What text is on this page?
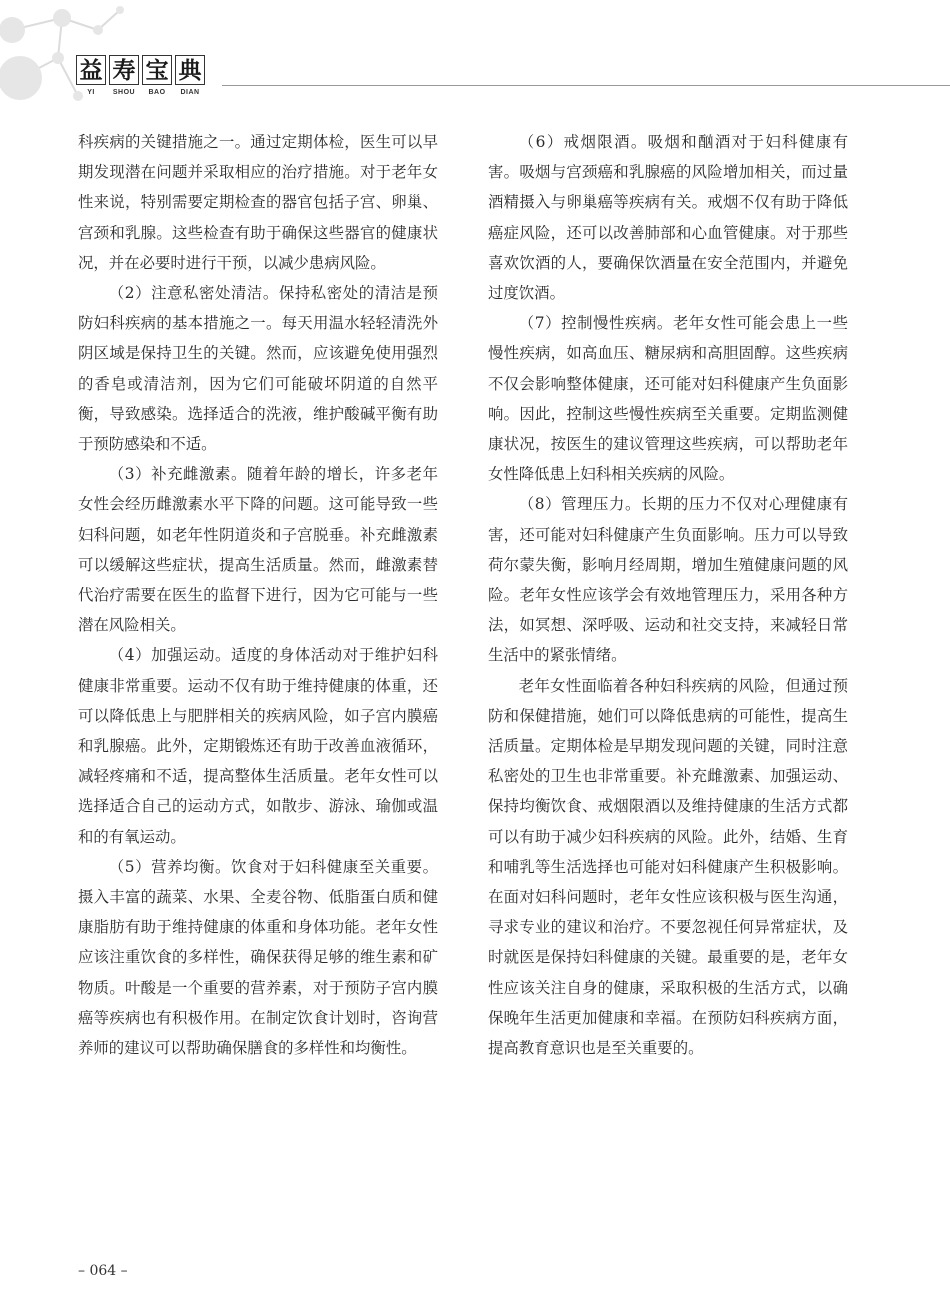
益 寿 宝 典
YI	SHOU	BAO	DIAN

科疾病的关键措施之一。通过定期体检，医生可以早期发现潜在问题并采取相应的治疗措施。对于老年女性来说，特别需要定期检查的器官包括子宫、卵巢、宫颈和乳腺。这些检查有助于确保这些器官的健康状况，并在必要时进行干预，以减少患病风险。

（2）注意私密处清洁。保持私密处的清洁是预防妇科疾病的基本措施之一。每天用温水轻轻清洗外阴区域是保持卫生的关键。然而，应该避免使用强烈的香皂或清洁剂，因为它们可能破坏阴道的自然平衡，导致感染。选择适合的洗液，维护酸碱平衡有助于预防感染和不适。

（3）补充雌激素。随着年龄的增长，许多老年女性会经历雌激素水平下降的问题。这可能导致一些妇科问题，如老年性阴道炎和子宫脱垂。补充雌激素可以缓解这些症状，提高生活质量。然而，雌激素替代治疗需要在医生的监督下进行，因为它可能与一些潜在风险相关。

（4）加强运动。适度的身体活动对于维护妇科健康非常重要。运动不仅有助于维持健康的体重，还可以降低患上与肥胖相关的疾病风险，如子宫内膜癌和乳腺癌。此外，定期锻炼还有助于改善血液循环，减轻疼痛和不适，提高整体生活质量。老年女性可以选择适合自己的运动方式，如散步、游泳、瑜伽或温和的有氧运动。

（5）营养均衡。饮食对于妇科健康至关重要。摄入丰富的蔬菜、水果、全麦谷物、低脂蛋白质和健康脂肪有助于维持健康的体重和身体功能。老年女性应该注重饮食的多样性，确保获得足够的维生素和矿物质。叶酸是一个重要的营养素，对于预防子宫内膜癌等疾病也有积极作用。在制定饮食计划时，咨询营养师的建议可以帮助确保膳食的多样性和均衡性。

（6）戒烟限酒。吸烟和酗酒对于妇科健康有害。吸烟与宫颈癌和乳腺癌的风险增加相关，而过量酒精摄入与卵巢癌等疾病有关。戒烟不仅有助于降低癌症风险，还可以改善肺部和心血管健康。对于那些喜欢饮酒的人，要确保饮酒量在安全范围内，并避免过度饮酒。

（7）控制慢性疾病。老年女性可能会患上一些慢性疾病，如高血压、糖尿病和高胆固醇。这些疾病不仅会影响整体健康，还可能对妇科健康产生负面影响。因此，控制这些慢性疾病至关重要。定期监测健康状况，按医生的建议管理这些疾病，可以帮助老年女性降低患上妇科相关疾病的风险。

（8）管理压力。长期的压力不仅对心理健康有害，还可能对妇科健康产生负面影响。压力可以导致荷尔蒙失衡，影响月经周期，增加生殖健康问题的风险。老年女性应该学会有效地管理压力，采用各种方法，如冥想、深呼吸、运动和社交支持，来减轻日常生活中的紧张情绪。

老年女性面临着各种妇科疾病的风险，但通过预防和保健措施，她们可以降低患病的可能性，提高生活质量。定期体检是早期发现问题的关键，同时注意私密处的卫生也非常重要。补充雌激素、加强运动、保持均衡饮食、戒烟限酒以及维持健康的生活方式都可以有助于减少妇科疾病的风险。此外，结婚、生育和哺乳等生活选择也可能对妇科健康产生积极影响。在面对妇科问题时，老年女性应该积极与医生沟通，寻求专业的建议和治疗。不要忽视任何异常症状，及时就医是保持妇科健康的关键。最重要的是，老年女性应该关注自身的健康，采取积极的生活方式，以确保晚年生活更加健康和幸福。在预防妇科疾病方面，提高教育意识也是至关重要的。

– 064 –
